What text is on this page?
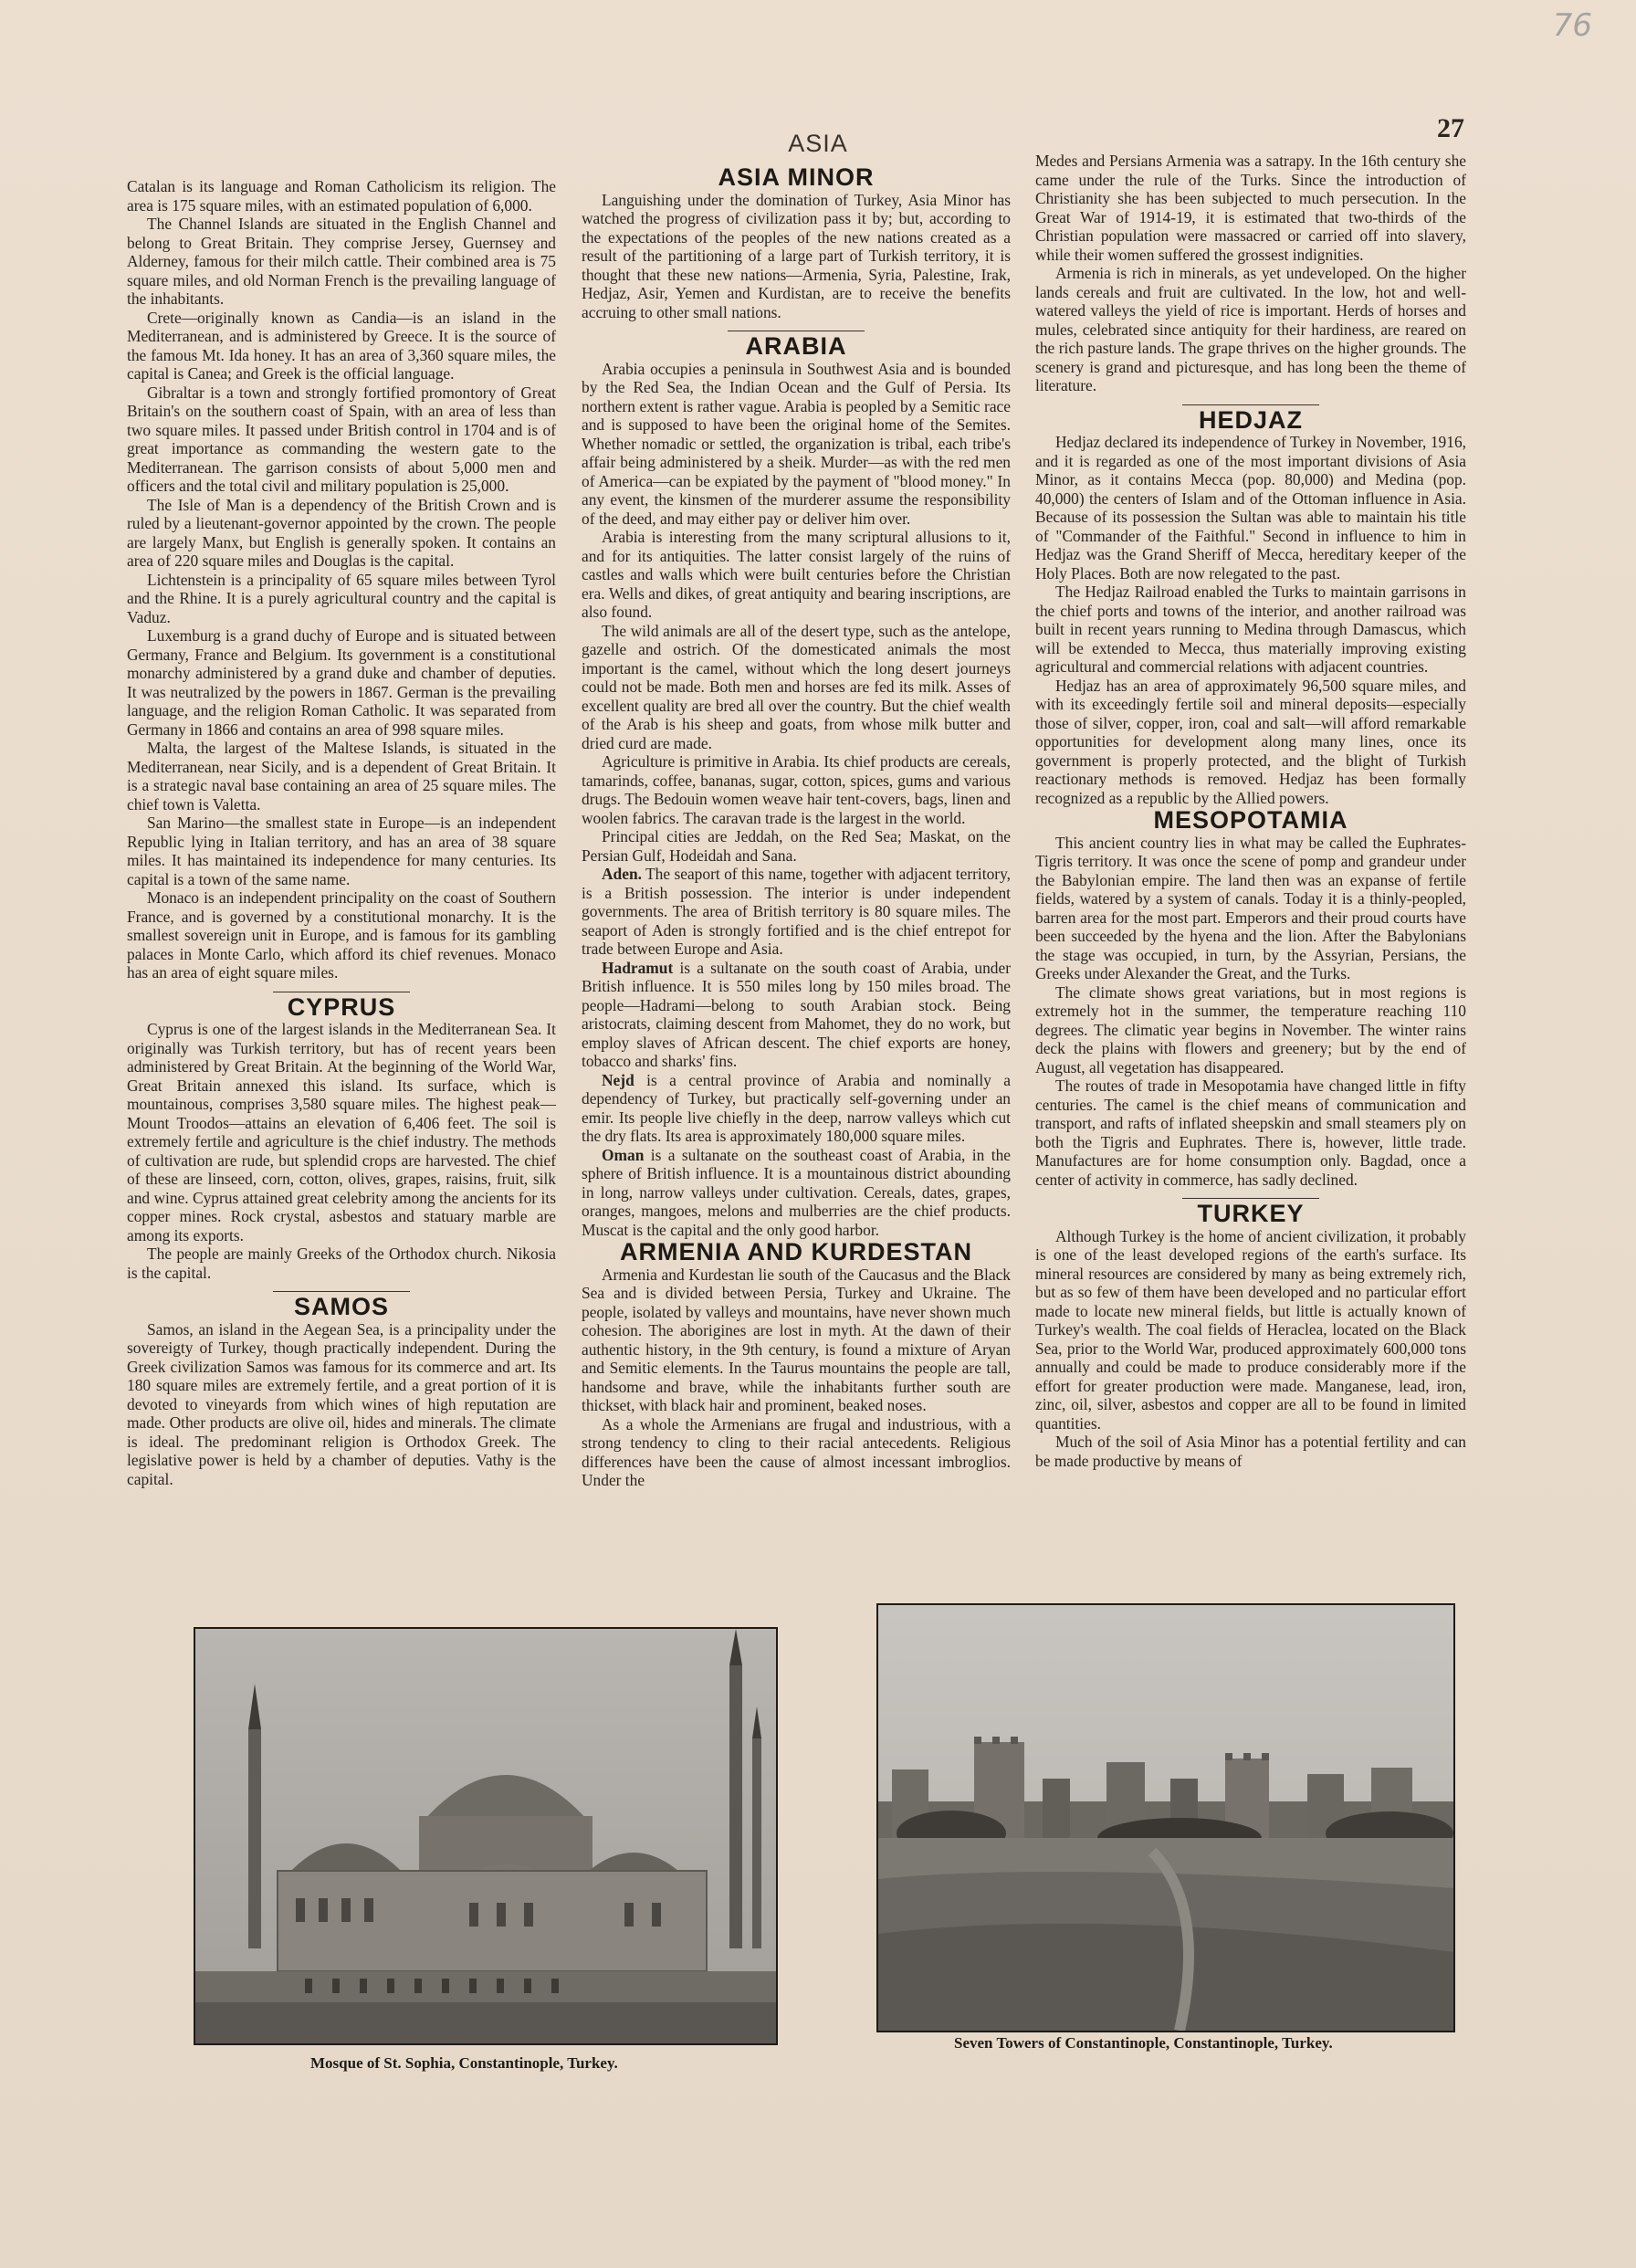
76
ASIA	27

Catalan is its language and Roman Catholicism its religion. The area is 175 square miles, with an estimated population of 6,000.

The Channel Islands are situated in the English Channel and belong to Great Britain. They comprise Jersey, Guernsey and Alderney, famous for their milch cattle. Their combined area is 75 square miles, and old Norman French is the prevailing language of the inhabitants.

Crete—originally known as Candia—is an island in the Mediterranean, and is administered by Greece. It is the source of the famous Mt. Ida honey. It has an area of 3,360 square miles, the capital is Canea; and Greek is the official language.

Gibraltar is a town and strongly fortified promontory of Great Britain's on the southern coast of Spain, with an area of less than two square miles. It passed under British control in 1704 and is of great importance as commanding the western gate to the Mediterranean. The garrison consists of about 5,000 men and officers and the total civil and military population is 25,000.

The Isle of Man is a dependency of the British Crown and is ruled by a lieutenant-governor appointed by the crown. The people are largely Manx, but English is generally spoken. It contains an area of 220 square miles and Douglas is the capital.

Lichtenstein is a principality of 65 square miles between Tyrol and the Rhine. It is a purely agricultural country and the capital is Vaduz.

Luxemburg is a grand duchy of Europe and is situated between Germany, France and Belgium. Its government is a constitutional monarchy administered by a grand duke and chamber of deputies. It was neutralized by the powers in 1867. German is the prevailing language, and the religion Roman Catholic. It was separated from Germany in 1866 and contains an area of 998 square miles.

Malta, the largest of the Maltese Islands, is situated in the Mediterranean, near Sicily, and is a dependent of Great Britain. It is a strategic naval base containing an area of 25 square miles. The chief town is Valetta.

San Marino—the smallest state in Europe—is an independent Republic lying in Italian territory, and has an area of 38 square miles. It has maintained its independence for many centuries. Its capital is a town of the same name.

Monaco is an independent principality on the coast of Southern France, and is governed by a constitutional monarchy. It is the smallest sovereign unit in Europe, and is famous for its gambling palaces in Monte Carlo, which afford its chief revenues. Monaco has an area of eight square miles.

CYPRUS

Cyprus is one of the largest islands in the Mediterranean Sea. It originally was Turkish territory, but has of recent years been administered by Great Britain. At the beginning of the World War, Great Britain annexed this island. Its surface, which is mountainous, comprises 3,580 square miles. The highest peak—Mount Troodos—attains an elevation of 6,406 feet. The soil is extremely fertile and agriculture is the chief industry. The methods of cultivation are rude, but splendid crops are harvested. The chief of these are linseed, corn, cotton, olives, grapes, raisins, fruit, silk and wine. Cyprus attained great celebrity among the ancients for its copper mines. Rock crystal, asbestos and statuary marble are among its exports.

The people are mainly Greeks of the Orthodox church. Nikosia is the capital.

SAMOS

Samos, an island in the Aegean Sea, is a principality under the sovereigty of Turkey, though practically independent. During the Greek civilization Samos was famous for its commerce and art. Its 180 square miles are extremely fertile, and a great portion of it is devoted to vineyards from which wines of high reputation are made. Other products are olive oil, hides and minerals. The climate is ideal. The predominant religion is Orthodox Greek. The legislative power is held by a chamber of deputies. Vathy is the capital.

ASIA MINOR

Languishing under the domination of Turkey, Asia Minor has watched the progress of civilization pass it by; but, according to the expectations of the peoples of the new nations created as a result of the partitioning of a large part of Turkish territory, it is thought that these new nations—Armenia, Syria, Palestine, Irak, Hedjaz, Asir, Yemen and Kurdistan, are to receive the benefits accruing to other small nations.

ARABIA

Arabia occupies a peninsula in Southwest Asia and is bounded by the Red Sea, the Indian Ocean and the Gulf of Persia. Its northern extent is rather vague. Arabia is peopled by a Semitic race and is supposed to have been the original home of the Semites. Whether nomadic or settled, the organization is tribal, each tribe's affair being administered by a sheik. Murder—as with the red men of America—can be expiated by the payment of "blood money." In any event, the kinsmen of the murderer assume the responsibility of the deed, and may either pay or deliver him over.

Arabia is interesting from the many scriptural allusions to it, and for its antiquities. The latter consist largely of the ruins of castles and walls which were built centuries before the Christian era. Wells and dikes, of great antiquity and bearing inscriptions, are also found.

The wild animals are all of the desert type, such as the antelope, gazelle and ostrich. Of the domesticated animals the most important is the camel, without which the long desert journeys could not be made. Both men and horses are fed its milk. Asses of excellent quality are bred all over the country. But the chief wealth of the Arab is his sheep and goats, from whose milk butter and dried curd are made.

Agriculture is primitive in Arabia. Its chief products are cereals, tamarinds, coffee, bananas, sugar, cotton, spices, gums and various drugs. The Bedouin women weave hair tent-covers, bags, linen and woolen fabrics. The caravan trade is the largest in the world.

Principal cities are Jeddah, on the Red Sea; Maskat, on the Persian Gulf, Hodeidah and Sana.

Aden. The seaport of this name, together with adjacent territory, is a British possession. The interior is under independent governments. The area of British territory is 80 square miles. The seaport of Aden is strongly fortified and is the chief entrepot for trade between Europe and Asia.

Hadramut is a sultanate on the south coast of Arabia, under British influence. It is 550 miles long by 150 miles broad. The people—Hadrami—belong to south Arabian stock. Being aristocrats, claiming descent from Mahomet, they do no work, but employ slaves of African descent. The chief exports are honey, tobacco and sharks' fins.

Nejd is a central province of Arabia and nominally a dependency of Turkey, but practically self-governing under an emir. Its people live chiefly in the deep, narrow valleys which cut the dry flats. Its area is approximately 180,000 square miles.

Oman is a sultanate on the southeast coast of Arabia, in the sphere of British influence. It is a mountainous district abounding in long, narrow valleys under cultivation. Cereals, dates, grapes, oranges, mangoes, melons and mulberries are the chief products. Muscat is the capital and the only good harbor.

ARMENIA AND KURDESTAN

Armenia and Kurdestan lie south of the Caucasus and the Black Sea and is divided between Persia, Turkey and Ukraine. The people, isolated by valleys and mountains, have never shown much cohesion. The aborigines are lost in myth. At the dawn of their authentic history, in the 9th century, is found a mixture of Aryan and Semitic elements. In the Taurus mountains the people are tall, handsome and brave, while the inhabitants further south are thickset, with black hair and prominent, beaked noses.

As a whole the Armenians are frugal and industrious, with a strong tendency to cling to their racial antecedents. Religious differences have been the cause of almost incessant imbroglios. Under the

Medes and Persians Armenia was a satrapy. In the 16th century she came under the rule of the Turks. Since the introduction of Christianity she has been subjected to much persecution. In the Great War of 1914-19, it is estimated that two-thirds of the Christian population were massacred or carried off into slavery, while their women suffered the grossest indignities.

Armenia is rich in minerals, as yet undeveloped. On the higher lands cereals and fruit are cultivated. In the low, hot and well-watered valleys the yield of rice is important. Herds of horses and mules, celebrated since antiquity for their hardiness, are reared on the rich pasture lands. The grape thrives on the higher grounds. The scenery is grand and picturesque, and has long been the theme of literature.

HEDJAZ

Hedjaz declared its independence of Turkey in November, 1916, and it is regarded as one of the most important divisions of Asia Minor, as it contains Mecca (pop. 80,000) and Medina (pop. 40,000) the centers of Islam and of the Ottoman influence in Asia. Because of its possession the Sultan was able to maintain his title of "Commander of the Faithful." Second in influence to him in Hedjaz was the Grand Sheriff of Mecca, hereditary keeper of the Holy Places. Both are now relegated to the past.

The Hedjaz Railroad enabled the Turks to maintain garrisons in the chief ports and towns of the interior, and another railroad was built in recent years running to Medina through Damascus, which will be extended to Mecca, thus materially improving existing agricultural and commercial relations with adjacent countries.

Hedjaz has an area of approximately 96,500 square miles, and with its exceedingly fertile soil and mineral deposits—especially those of silver, copper, iron, coal and salt—will afford remarkable opportunities for development along many lines, once its government is properly protected, and the blight of Turkish reactionary methods is removed. Hedjaz has been formally recognized as a republic by the Allied powers.

MESOPOTAMIA

This ancient country lies in what may be called the Euphrates-Tigris territory. It was once the scene of pomp and grandeur under the Babylonian empire. The land then was an expanse of fertile fields, watered by a system of canals. Today it is a thinly-peopled, barren area for the most part. Emperors and their proud courts have been succeeded by the hyena and the lion. After the Babylonians the stage was occupied, in turn, by the Assyrian, Persians, the Greeks under Alexander the Great, and the Turks.

The climate shows great variations, but in most regions is extremely hot in the summer, the temperature reaching 110 degrees. The climatic year begins in November. The winter rains deck the plains with flowers and greenery; but by the end of August, all vegetation has disappeared.

The routes of trade in Mesopotamia have changed little in fifty centuries. The camel is the chief means of communication and transport, and rafts of inflated sheepskin and small steamers ply on both the Tigris and Euphrates. There is, however, little trade. Manufactures are for home consumption only. Bagdad, once a center of activity in commerce, has sadly declined.

TURKEY

Although Turkey is the home of ancient civilization, it probably is one of the least developed regions of the earth's surface. Its mineral resources are considered by many as being extremely rich, but as so few of them have been developed and no particular effort made to locate new mineral fields, but little is actually known of Turkey's wealth. The coal fields of Heraclea, located on the Black Sea, prior to the World War, produced approximately 600,000 tons annually and could be made to produce considerably more if the effort for greater production were made. Manganese, lead, iron, zinc, oil, silver, asbestos and copper are all to be found in limited quantities.

Much of the soil of Asia Minor has a potential fertility and can be made productive by means of

Mosque of St. Sophia, Constantinople, Turkey.
Seven Towers of Constantinople, Constantinople, Turkey.
